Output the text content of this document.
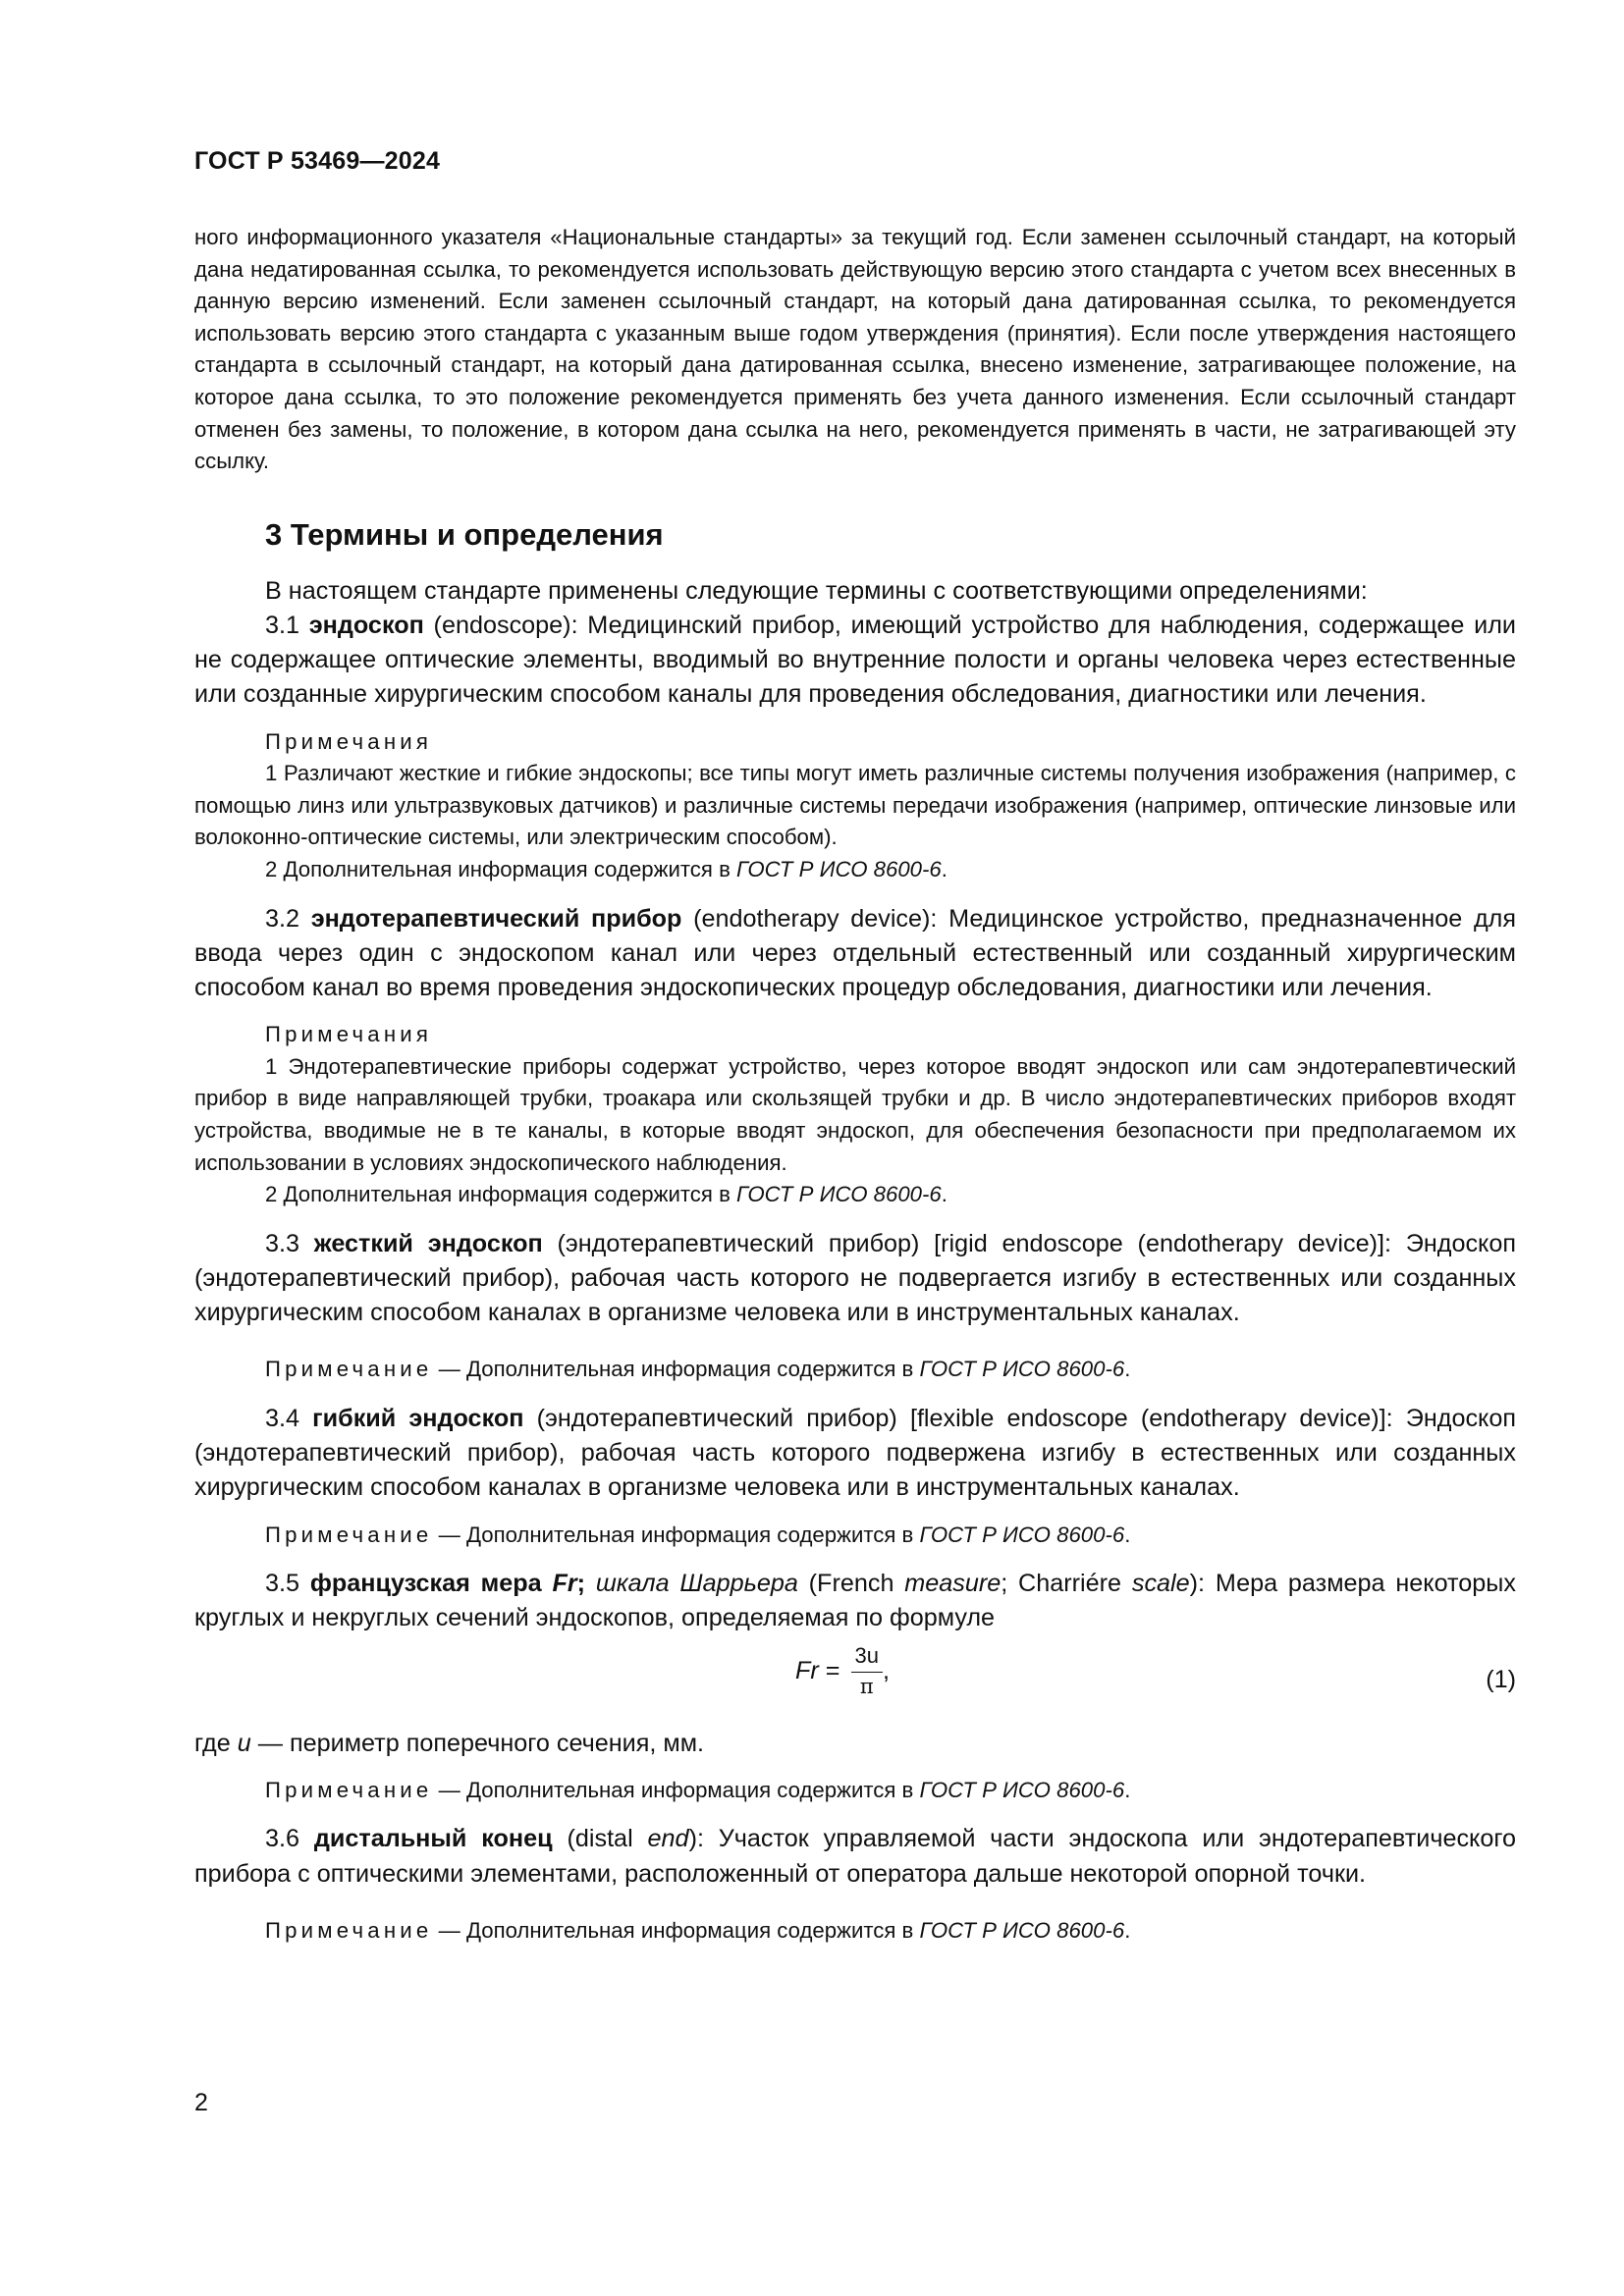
ГОСТ Р 53469—2024

ного информационного указателя «Национальные стандарты» за текущий год. Если заменен ссылочный стандарт, на который дана недатированная ссылка, то рекомендуется использовать действующую версию этого стандарта с учетом всех внесенных в данную версию изменений. Если заменен ссылочный стандарт, на который дана датированная ссылка, то рекомендуется использовать версию этого стандарта с указанным выше годом утверждения (принятия). Если после утверждения настоящего стандарта в ссылочный стандарт, на который дана датированная ссылка, внесено изменение, затрагивающее положение, на которое дана ссылка, то это положение рекомендуется применять без учета данного изменения. Если ссылочный стандарт отменен без замены, то положение, в котором дана ссылка на него, рекомендуется применять в части, не затрагивающей эту ссылку.

3 Термины и определения

В настоящем стандарте применены следующие термины с соответствующими определениями:

3.1 эндоскоп (endoscope): Медицинский прибор, имеющий устройство для наблюдения, содержащее или не содержащее оптические элементы, вводимый во внутренние полости и органы человека через естественные или созданные хирургическим способом каналы для проведения обследования, диагностики или лечения.

Примечания

1 Различают жесткие и гибкие эндоскопы; все типы могут иметь различные системы получения изображения (например, с помощью линз или ультразвуковых датчиков) и различные системы передачи изображения (например, оптические линзовые или волоконно-оптические системы, или электрическим способом).

2 Дополнительная информация содержится в ГОСТ Р ИСО 8600-6.

3.2 эндотерапевтический прибор (endotherapy device): Медицинское устройство, предназначенное для ввода через один с эндоскопом канал или через отдельный естественный или созданный хирургическим способом канал во время проведения эндоскопических процедур обследования, диагностики или лечения.

Примечания

1 Эндотерапевтические приборы содержат устройство, через которое вводят эндоскоп или сам эндотерапевтический прибор в виде направляющей трубки, троакара или скользящей трубки и др. В число эндотерапевтических приборов входят устройства, вводимые не в те каналы, в которые вводят эндоскоп, для обеспечения безопасности при предполагаемом их использовании в условиях эндоскопического наблюдения.

2 Дополнительная информация содержится в ГОСТ Р ИСО 8600-6.

3.3 жесткий эндоскоп (эндотерапевтический прибор) [rigid endoscope (endotherapy device)]: Эндоскоп (эндотерапевтический прибор), рабочая часть которого не подвергается изгибу в естественных или созданных хирургическим способом каналах в организме человека или в инструментальных каналах.

Примечание — Дополнительная информация содержится в ГОСТ Р ИСО 8600-6.

3.4 гибкий эндоскоп (эндотерапевтический прибор) [flexible endoscope (endotherapy device)]: Эндоскоп (эндотерапевтический прибор), рабочая часть которого подвержена изгибу в естественных или созданных хирургическим способом каналах в организме человека или в инструментальных каналах.

Примечание — Дополнительная информация содержится в ГОСТ Р ИСО 8600-6.

3.5 французская мера Fr; шкала Шаррьера (French measure; Charriére scale): Мера размера некоторых круглых и некруглых сечений эндоскопов, определяемая по формуле

$Fr = \frac{3u}{\pi}$ ,	(1)

где u — периметр поперечного сечения, мм.

Примечание — Дополнительная информация содержится в ГОСТ Р ИСО 8600-6.

3.6 дистальный конец (distal end): Участок управляемой части эндоскопа или эндотерапевтического прибора с оптическими элементами, расположенный от оператора дальше некоторой опорной точки.

Примечание — Дополнительная информация содержится в ГОСТ Р ИСО 8600-6.

2
